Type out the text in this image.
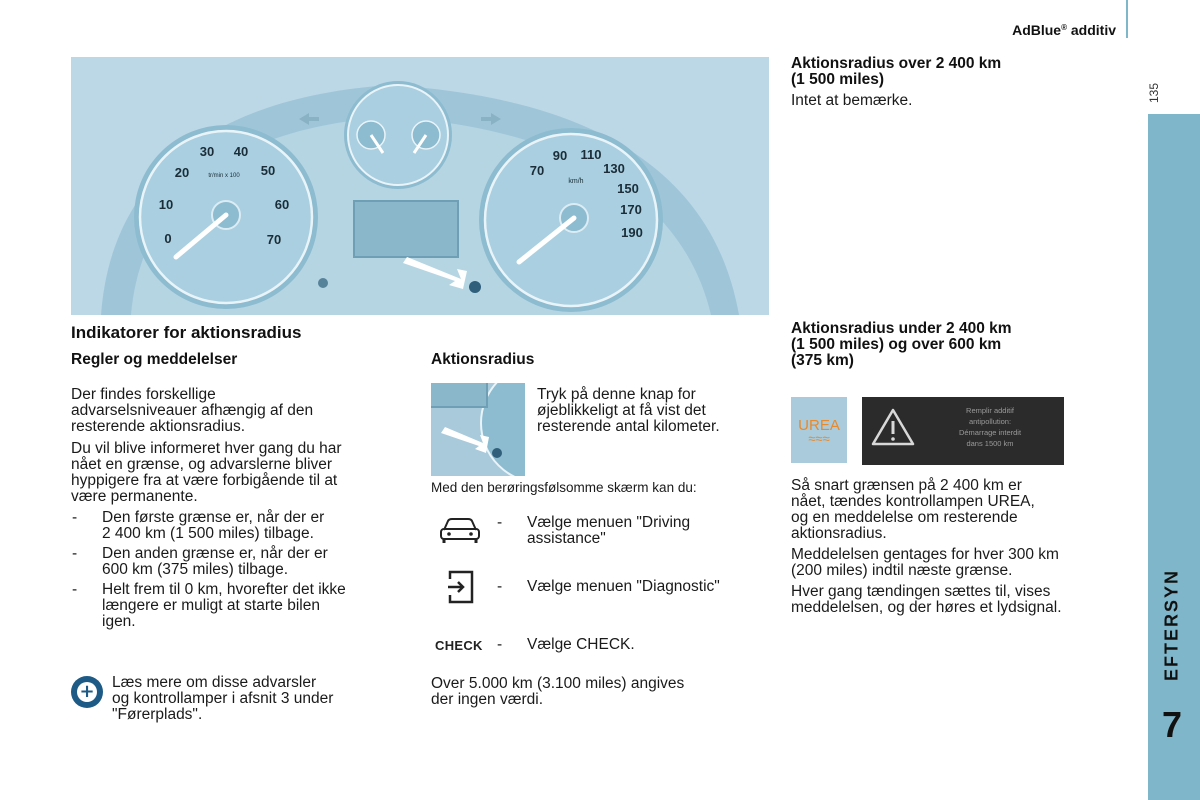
AdBlue® additiv
135
EFTERSYN
7
0
10
20
30 40
50
60
70
tr/min x 100	70
90 110
130
150
170
190
km/h
Indikatorer for aktionsradius
Regler og meddelelser
Der findes forskellige
advarselsniveauer afhængig af den
resterende aktionsradius.
Du vil blive informeret hver gang du har
nået en grænse, og advarslerne bliver
hyppigere fra at være forbigående til at
være permanente.
- Den første grænse er, når der er
2 400 km (1 500 miles) tilbage.
- Den anden grænse er, når der er
600 km (375 miles) tilbage.
- Helt frem til 0 km, hvorefter det ikke
længere er muligt at starte bilen
igen.
+ Læs mere om disse advarsler
og kontrollamper i afsnit 3 under
"Førerplads".
Aktionsradius
Tryk på denne knap for
øjeblikkeligt at få vist det
resterende antal kilometer.
Med den berøringsfølsomme skærm kan du:
- Vælge menuen "Driving
assistance"
- Vælge menuen "Diagnostic"
CHECK - Vælge CHECK.
Over 5.000 km (3.100 miles) angives
der ingen værdi.
Aktionsradius over 2 400 km
(1 500 miles)
Intet at bemærke.
Aktionsradius under 2 400 km
(1 500 miles) og over 600 km
(375 km)
UREA
≈≈≈
Remplir additif
antipollution:
Démarrage interdit
dans 1500 km
Så snart grænsen på 2 400 km er
nået, tændes kontrollampen UREA,
og en meddelelse om resterende
aktionsradius.
Meddelelsen gentages for hver 300 km
(200 miles) indtil næste grænse.
Hver gang tændingen sættes til, vises
meddelelsen, og der høres et lydsignal.
